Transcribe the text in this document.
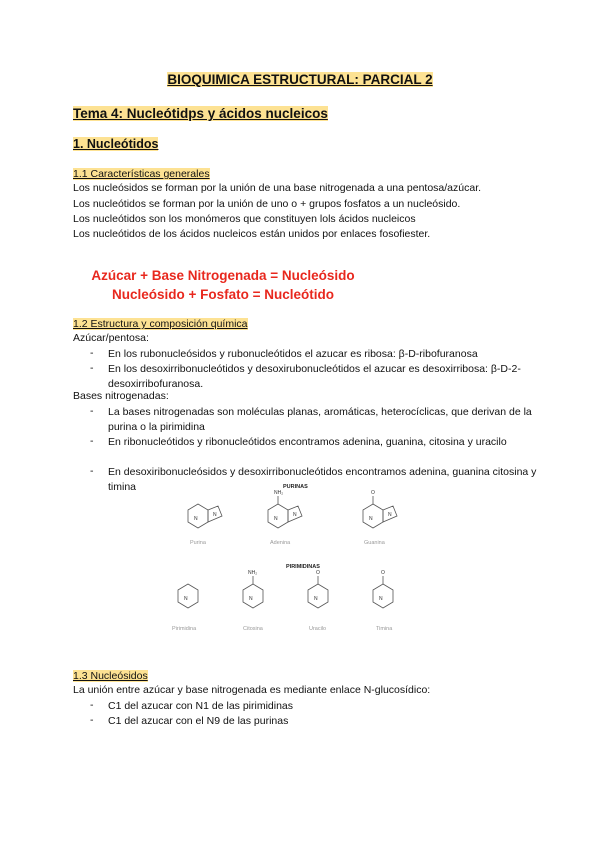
BIOQUIMICA ESTRUCTURAL: PARCIAL 2
Tema 4: Nucleótidps y ácidos nucleicos
1. Nucleótidos
1.1 Características generales
Los nucleósidos se forman por la unión de una base nitrogenada a una pentosa/azúcar.
Los nucleótidos se forman por la unión de uno o + grupos fosfatos a un nucleósido.
Los nucleótidos son los monómeros que constituyen lols ácidos nucleicos
Los nucleótidos de los ácidos nucleicos están unidos por enlaces fosofiester.
Azúcar + Base Nitrogenada = Nucleósido
Nucleósido + Fosfato = Nucleótido
1.2 Estructura y composición química
Azúcar/pentosa:
- En los rubonucleósidos y rubonucleótidos el azucar es ribosa: β-D-ribofuranosa
- En los desoxirribonucleótidos y desoxirubonucleótidos el azucar es desoxirribosa: β-D-2-desoxirribofuranosa.
Bases nitrogenadas:
- La bases nitrogenadas son moléculas planas, aromáticas, heterocíclicas, que derivan de la purina o la pirimidina
- En ribonucleótidos y ribonucleótidos encontramos adenina, guanina, citosina y uracilo
- En desoxiribonucleósidos y desoxirribonucleótidos encontramos adenina, guanina citosina y timina
N
N
N
N
NH₂
N
N
O
N	N
NH₂
N
O
N
O
PURINAS
PIRIMIDINAS
Purina	Adenina	Guanina
Pirimidina	Citosina	Uracilo	Timina
1.3 Nucleósidos
La unión entre azúcar y base nitrogenada es mediante enlace N-glucosídico:
- C1 del azucar con N1 de las pirimidinas
- C1 del azucar con el N9 de las purinas
